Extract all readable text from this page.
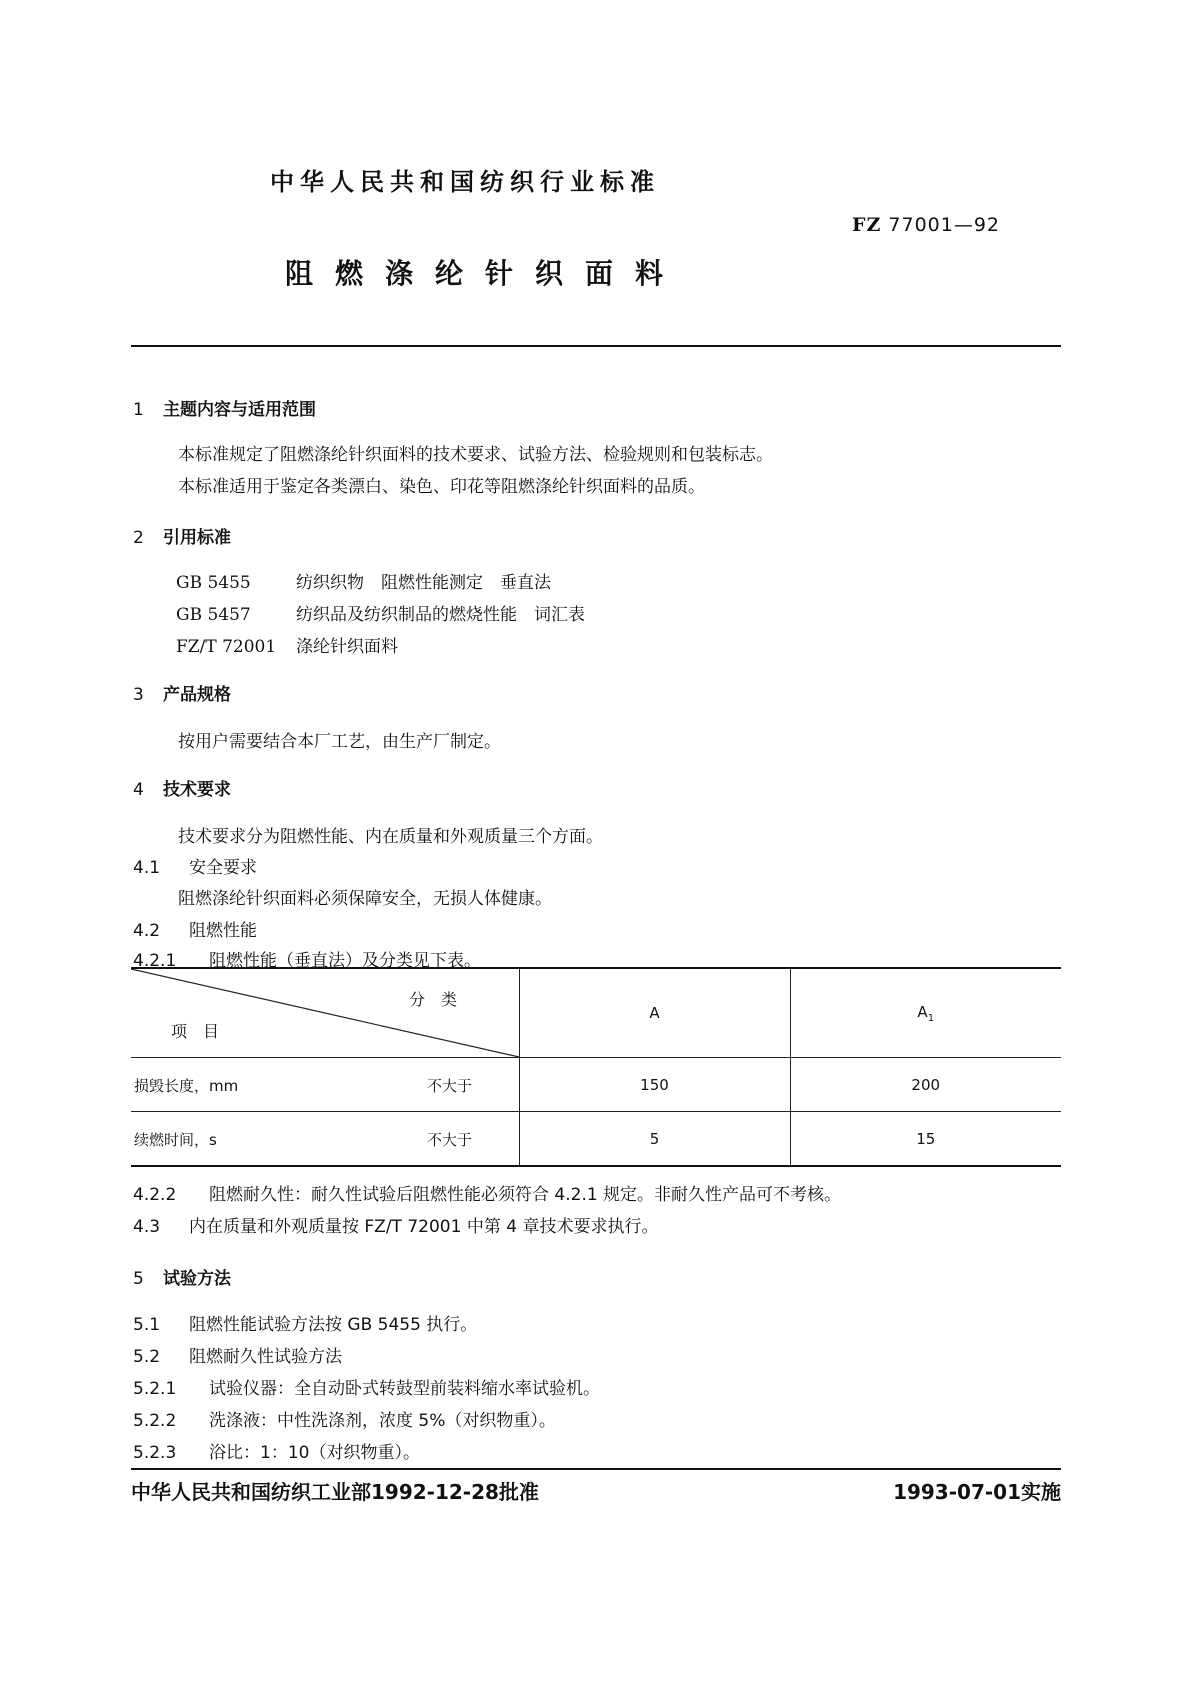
中华人民共和国纺织行业标准
FZ 77001—92
阻燃涤纶针织面料
1 主题内容与适用范围
本标准规定了阻燃涤纶针织面料的技术要求、试验方法、检验规则和包装标志。
本标准适用于鉴定各类漂白、染色、印花等阻燃涤纶针织面料的品质。
2 引用标准
GB 5455	纺织织物　阻燃性能测定　垂直法
GB 5457	纺织品及纺织制品的燃烧性能　词汇表
FZ/T 72001 涤纶针织面料
3 产品规格
按用户需要结合本厂工艺，由生产厂制定。
4 技术要求
技术要求分为阻燃性能、内在质量和外观质量三个方面。
4.1 安全要求
阻燃涤纶针织面料必须保障安全，无损人体健康。
4.2 阻燃性能
4.2.1 阻燃性能（垂直法）及分类见下表。
分　类
项　目	A	$A_1$

损毁长度，mm 不大于	150	200

续燃时间，s 不大于	5	15
4.2.2 阻燃耐久性：耐久性试验后阻燃性能必须符合 4.2.1 规定。非耐久性产品可不考核。
4.3 内在质量和外观质量按 FZ/T 72001 中第 4 章技术要求执行。
5 试验方法
5.1 阻燃性能试验方法按 GB 5455 执行。
5.2 阻燃耐久性试验方法
5.2.1 试验仪器：全自动卧式转鼓型前装料缩水率试验机。
5.2.2 洗涤液：中性洗涤剂，浓度 5%（对织物重）。
5.2.3 浴比：1：10（对织物重）。
中华人民共和国纺织工业部1992-12-28批准	1993-07-01实施
